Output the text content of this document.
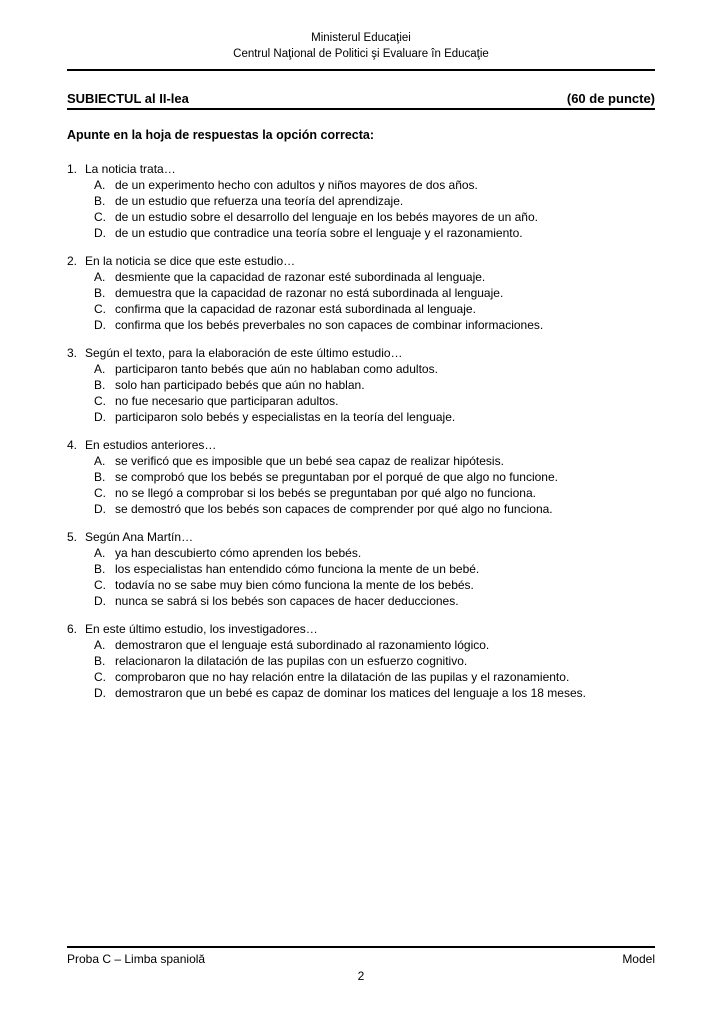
Ministerul Educaţiei
Centrul Naţional de Politici şi Evaluare în Educaţie
SUBIECTUL al II-lea	(60 de puncte)
Apunte en la hoja de respuestas la opción correcta:
1. La noticia trata…
A. de un experimento hecho con adultos y niños mayores de dos años.
B. de un estudio que refuerza una teoría del aprendizaje.
C. de un estudio sobre el desarrollo del lenguaje en los bebés mayores de un año.
D. de un estudio que contradice una teoría sobre el lenguaje y el razonamiento.
2. En la noticia se dice que este estudio…
A. desmiente que la capacidad de razonar esté subordinada al lenguaje.
B. demuestra que la capacidad de razonar no está subordinada al lenguaje.
C. confirma que la capacidad de razonar está subordinada al lenguaje.
D. confirma que los bebés preverbales no son capaces de combinar informaciones.
3. Según el texto, para la elaboración de este último estudio…
A. participaron tanto bebés que aún no hablaban como adultos.
B. solo han participado bebés que aún no hablan.
C. no fue necesario que participaran adultos.
D. participaron solo bebés y especialistas en la teoría del lenguaje.
4. En estudios anteriores…
A. se verificó que es imposible que un bebé sea capaz de realizar hipótesis.
B. se comprobó que los bebés se preguntaban por el porqué de que algo no funcione.
C. no se llegó a comprobar si los bebés se preguntaban por qué algo no funciona.
D. se demostró que los bebés son capaces de comprender por qué algo no funciona.
5. Según Ana Martín…
A. ya han descubierto cómo aprenden los bebés.
B. los especialistas han entendido cómo funciona la mente de un bebé.
C. todavía no se sabe muy bien cómo funciona la mente de los bebés.
D. nunca se sabrá si los bebés son capaces de hacer deducciones.
6. En este último estudio, los investigadores…
A. demostraron que el lenguaje está subordinado al razonamiento lógico.
B. relacionaron la dilatación de las pupilas con un esfuerzo cognitivo.
C. comprobaron que no hay relación entre la dilatación de las pupilas y el razonamiento.
D. demostraron que un bebé es capaz de dominar los matices del lenguaje a los 18 meses.
Proba C – Limba spaniolă	Model
2
